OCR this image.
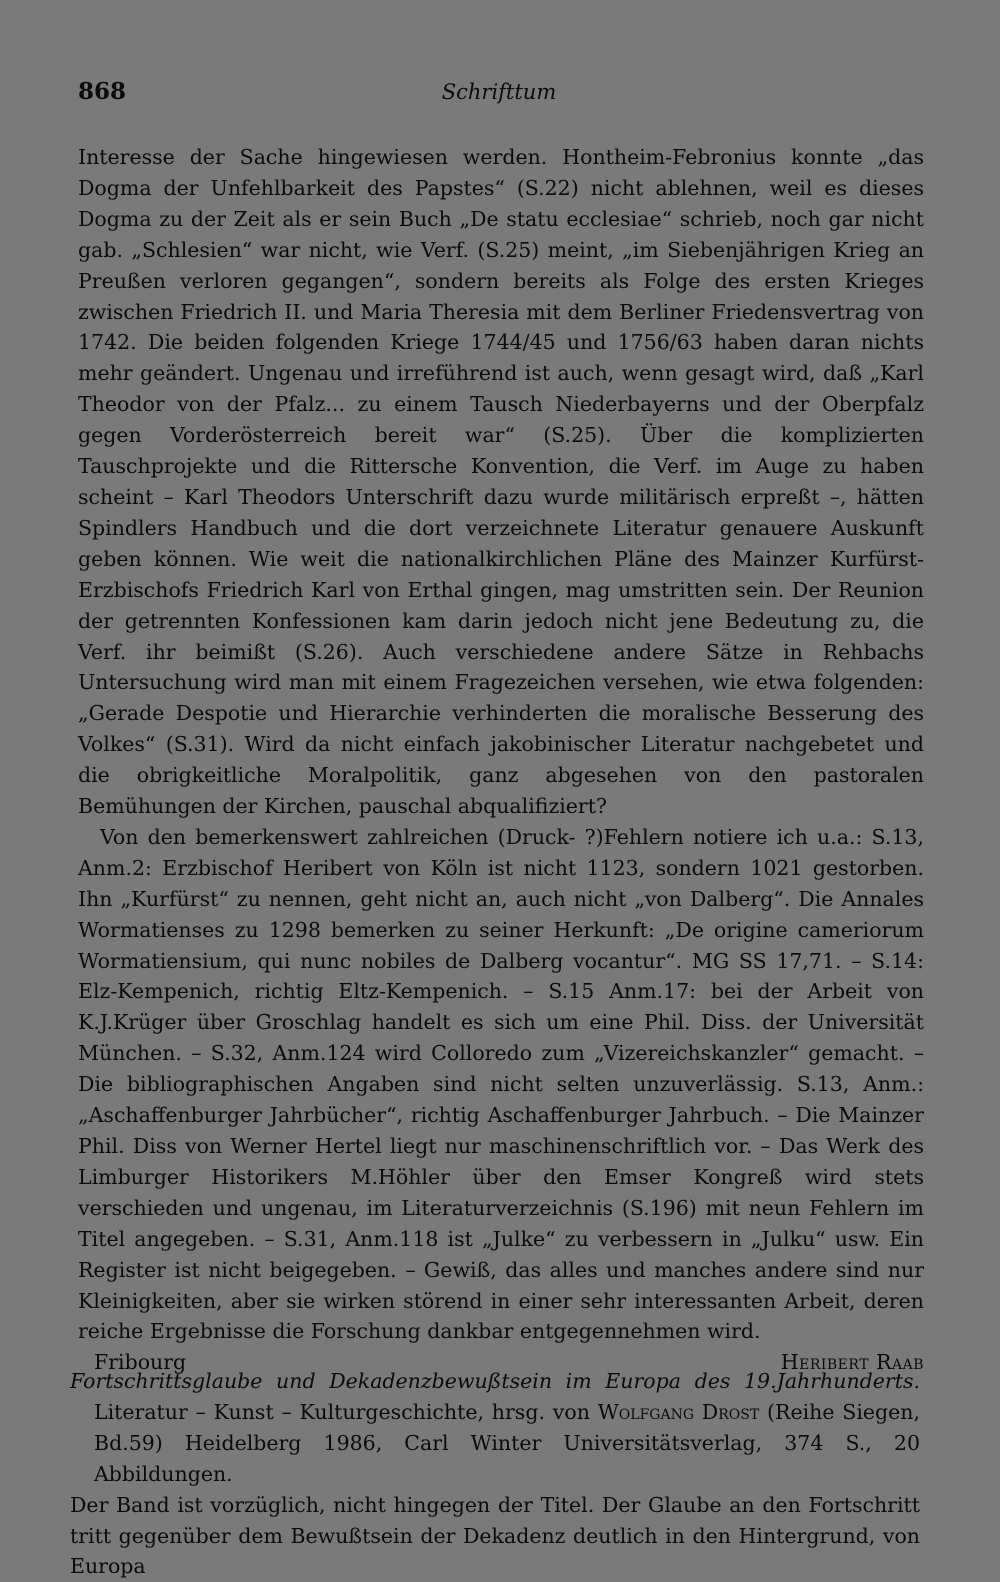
868	Schrifttum

Interesse der Sache hingewiesen werden. Hontheim-Febronius konnte „das Dogma der Unfehlbarkeit des Papstes“ (S.22) nicht ablehnen, weil es dieses Dogma zu der Zeit als er sein Buch „De statu ecclesiae“ schrieb, noch gar nicht gab. „Schlesien“ war nicht, wie Verf. (S.25) meint, „im Siebenjährigen Krieg an Preußen verloren gegangen“, sondern bereits als Folge des ersten Krieges zwischen Friedrich II. und Maria Theresia mit dem Berliner Friedensvertrag von 1742. Die beiden folgenden Kriege 1744/45 und 1756/63 haben daran nichts mehr geändert. Ungenau und irreführend ist auch, wenn gesagt wird, daß „Karl Theodor von der Pfalz... zu einem Tausch Niederbayerns und der Oberpfalz gegen Vorderösterreich bereit war“ (S.25). Über die komplizierten Tauschprojekte und die Rittersche Konvention, die Verf. im Auge zu haben scheint – Karl Theodors Unterschrift dazu wurde militärisch erpreßt –, hätten Spindlers Handbuch und die dort verzeichnete Literatur genauere Auskunft geben können. Wie weit die nationalkirchlichen Pläne des Mainzer Kurfürst-Erzbischofs Friedrich Karl von Erthal gingen, mag umstritten sein. Der Reunion der getrennten Konfessionen kam darin jedoch nicht jene Bedeutung zu, die Verf. ihr beimißt (S.26). Auch verschiedene andere Sätze in Rehbachs Untersuchung wird man mit einem Fragezeichen versehen, wie etwa folgenden: „Gerade Despotie und Hierarchie verhinderten die moralische Besserung des Volkes“ (S.31). Wird da nicht einfach jakobinischer Literatur nachgebetet und die obrigkeitliche Moralpolitik, ganz abgesehen von den pastoralen Bemühungen der Kirchen, pauschal abqualifiziert?

Von den bemerkenswert zahlreichen (Druck- ?)Fehlern notiere ich u.a.: S.13, Anm.2: Erzbischof Heribert von Köln ist nicht 1123, sondern 1021 gestorben. Ihn „Kurfürst“ zu nennen, geht nicht an, auch nicht „von Dalberg“. Die Annales Wormatienses zu 1298 bemerken zu seiner Herkunft: „De origine cameriorum Wormatiensium, qui nunc nobiles de Dalberg vocantur“. MG SS 17,71. – S.14: Elz-Kempenich, richtig Eltz-Kempenich. – S.15 Anm.17: bei der Arbeit von K.J.Krüger über Groschlag handelt es sich um eine Phil. Diss. der Universität München. – S.32, Anm.124 wird Colloredo zum „Vizereichskanzler“ gemacht. – Die bibliographischen Angaben sind nicht selten unzuverlässig. S.13, Anm.: „Aschaffenburger Jahrbücher“, richtig Aschaffenburger Jahrbuch. – Die Mainzer Phil. Diss von Werner Hertel liegt nur maschinenschriftlich vor. – Das Werk des Limburger Historikers M.Höhler über den Emser Kongreß wird stets verschieden und ungenau, im Literaturverzeichnis (S.196) mit neun Fehlern im Titel angegeben. – S.31, Anm.118 ist „Julke“ zu verbessern in „Julku“ usw. Ein Register ist nicht beigegeben. – Gewiß, das alles und manches andere sind nur Kleinigkeiten, aber sie wirken störend in einer sehr interessanten Arbeit, deren reiche Ergebnisse die Forschung dankbar entgegennehmen wird.

Fribourg	Heribert Raab

Fortschrittsglaube und Dekadenzbewußtsein im Europa des 19.Jahrhunderts. Literatur – Kunst – Kulturgeschichte, hrsg. von Wolfgang Drost (Reihe Siegen, Bd.59) Heidelberg 1986, Carl Winter Universitätsverlag, 374 S., 20 Abbildungen.

Der Band ist vorzüglich, nicht hingegen der Titel. Der Glaube an den Fortschritt tritt gegenüber dem Bewußtsein der Dekadenz deutlich in den Hintergrund, von Europa
